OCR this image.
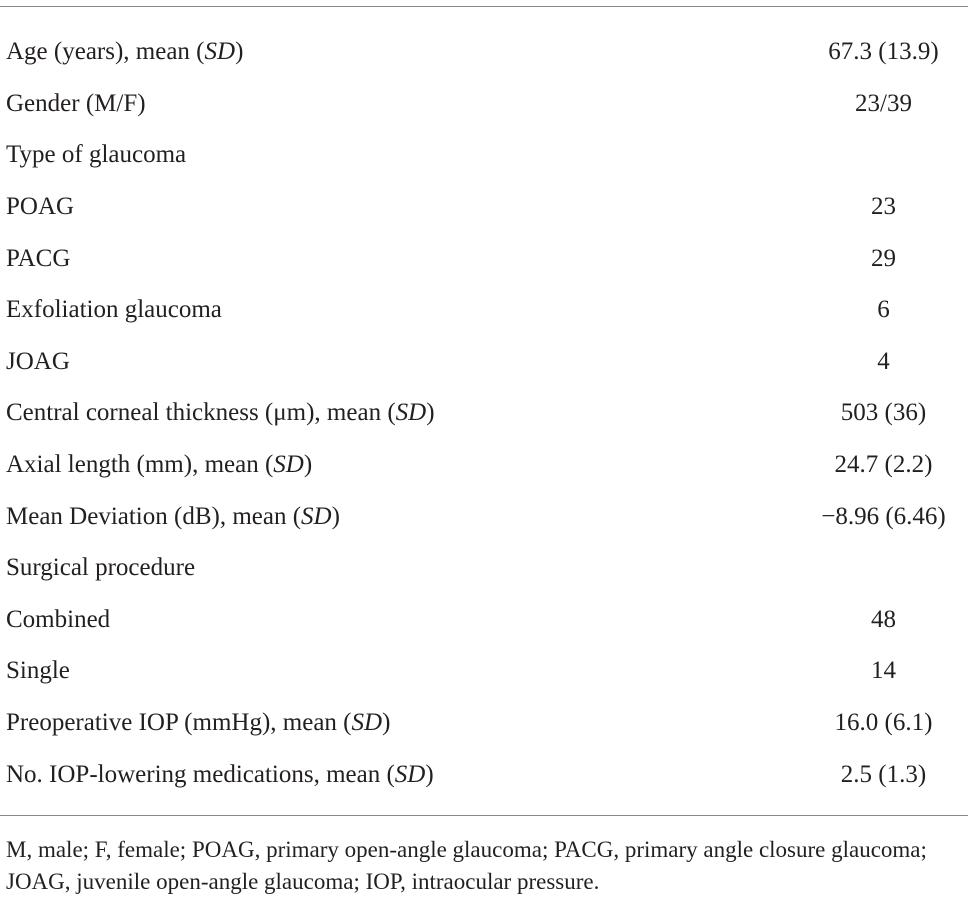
Age (years), mean ( SD )	67.3 (13.9)
Gender (M/F)	23/39
Type of glaucoma
POAG	23
PACG	29
Exfoliation glaucoma	6
JOAG	4
Central corneal thickness (μm), mean ( SD )	503 (36)
Axial length (mm), mean ( SD )	24.7 (2.2)
Mean Deviation (dB), mean ( SD )	−8.96 (6.46)
Surgical procedure
Combined	48
Single	14
Preoperative IOP (mmHg), mean ( SD )	16.0 (6.1)
No. IOP-lowering medications, mean ( SD )	2.5 (1.3)
M, male; F, female; POAG, primary open-angle glaucoma; PACG, primary angle closure glaucoma; JOAG, juvenile open-angle glaucoma; IOP, intraocular pressure.
